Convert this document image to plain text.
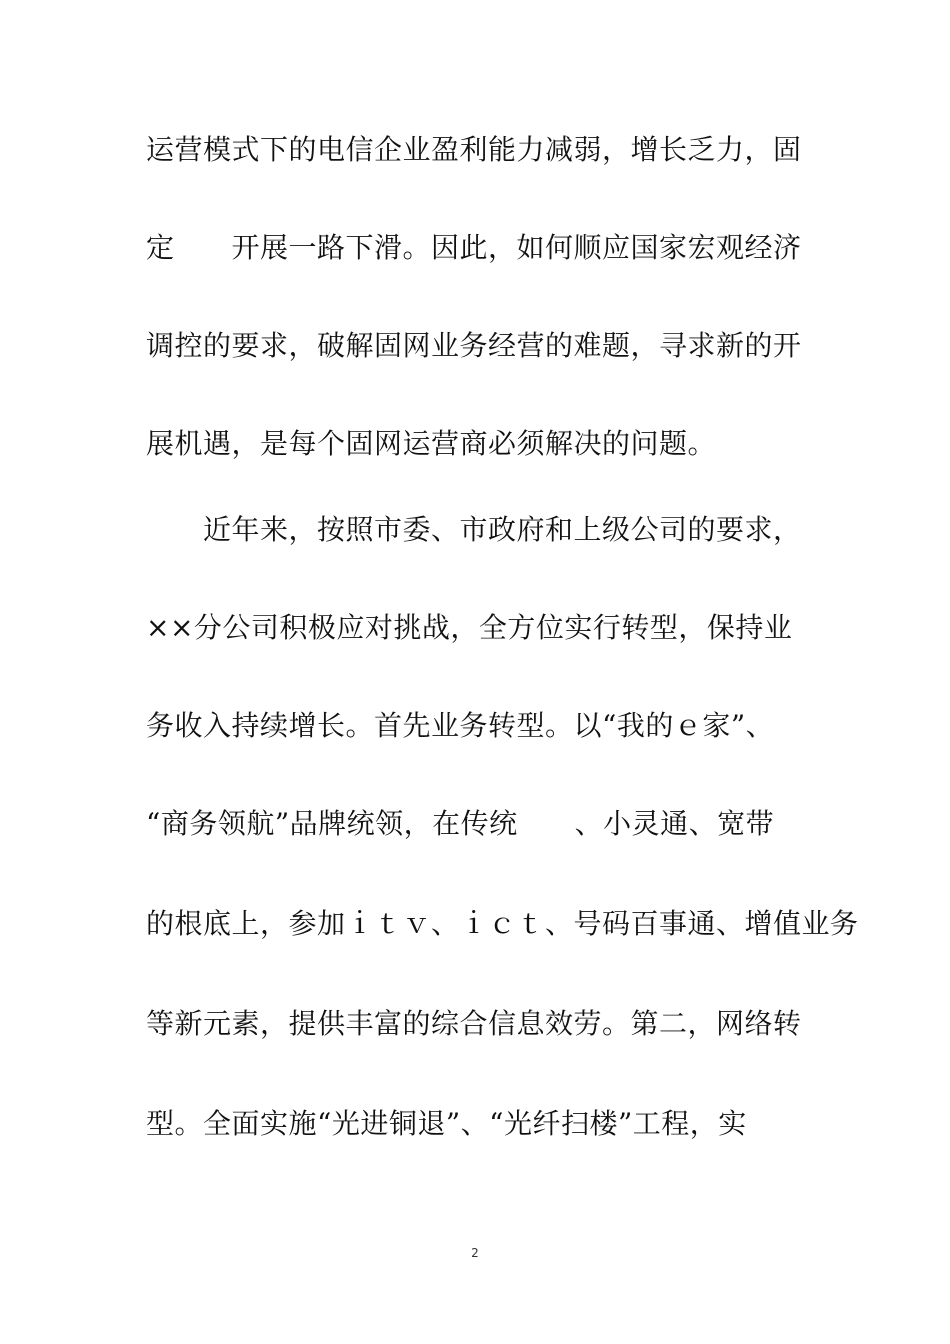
运营模式下的电信企业盈利能力减弱，增长乏力，固
定　　开展一路下滑。因此，如何顺应国家宏观经济
调控的要求，破解固网业务经营的难题，寻求新的开
展机遇，是每个固网运营商必须解决的问题。
　　近年来，按照市委、市政府和上级公司的要求，
××分公司积极应对挑战，全方位实行转型，保持业
务收入持续增长。首先业务转型。以“我的ｅ家”、
“商务领航”品牌统领，在传统　　、小灵通、宽带
的根底上，参加ｉｔｖ、ｉｃｔ、号码百事通、增值业务
等新元素，提供丰富的综合信息效劳。第二，网络转
型。全面实施“光进铜退”、“光纤扫楼”工程，实
2
